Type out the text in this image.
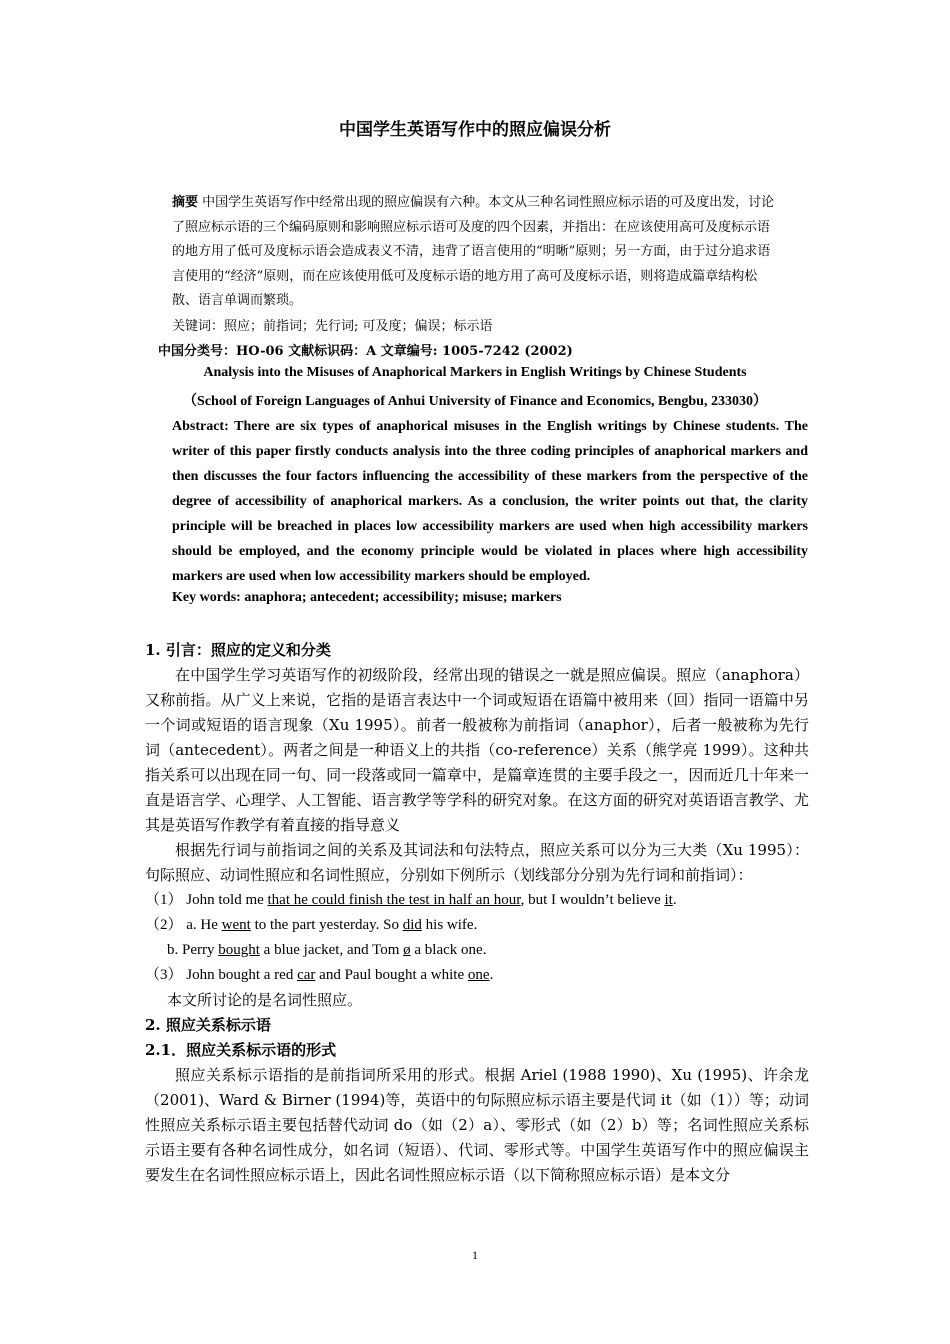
中国学生英语写作中的照应偏误分析
摘要 中国学生英语写作中经常出现的照应偏误有六种。本文从三种名词性照应标示语的可及度出发，讨论了照应标示语的三个编码原则和影响照应标示语可及度的四个因素，并指出：在应该使用高可及度标示语的地方用了低可及度标示语会造成表义不清，违背了语言使用的“明晰”原则；另一方面，由于过分追求语言使用的“经济”原则，而在应该使用低可及度标示语的地方用了高可及度标示语，则将造成篇章结构松散、语言单调而繁琐。
关键词：照应；前指词；先行词; 可及度；偏误；标示语
中国分类号：HO-06 文献标识码：A 文章编号: 1005-7242 (2002)
Analysis into the Misuses of Anaphorical Markers in English Writings by Chinese Students
（School of Foreign Languages of Anhui University of Finance and Economics, Bengbu, 233030）
Abstract: There are six types of anaphorical misuses in the English writings by Chinese students. The writer of this paper firstly conducts analysis into the three coding principles of anaphorical markers and then discusses the four factors influencing the accessibility of these markers from the perspective of the degree of accessibility of anaphorical markers. As a conclusion, the writer points out that, the clarity principle will be breached in places low accessibility markers are used when high accessibility markers should be employed, and the economy principle would be violated in places where high accessibility markers are used when low accessibility markers should be employed.
Key words: anaphora; antecedent; accessibility; misuse; markers

1. 引言：照应的定义和分类

在中国学生学习英语写作的初级阶段，经常出现的错误之一就是照应偏误。照应（anaphora）又称前指。从广义上来说，它指的是语言表达中一个词或短语在语篇中被用来（回）指同一语篇中另一个词或短语的语言现象（Xu 1995）。前者一般被称为前指词（anaphor），后者一般被称为先行词（antecedent）。两者之间是一种语义上的共指（co-reference）关系（熊学亮 1999）。这种共指关系可以出现在同一句、同一段落或同一篇章中，是篇章连贯的主要手段之一，因而近几十年来一直是语言学、心理学、人工智能、语言教学等学科的研究对象。在这方面的研究对英语语言教学、尤其是英语写作教学有着直接的指导意义

根据先行词与前指词之间的关系及其词法和句法特点，照应关系可以分为三大类（Xu 1995）：句际照应、动词性照应和名词性照应，分别如下例所示（划线部分分别为先行词和前指词）：

（1） John told me that he could finish the test in half an hour, but I wouldn’t believe it.

（2） a. He went to the part yesterday. So did his wife.

b. Perry bought a blue jacket, and Tom ø a black one.

（3） John bought a red car and Paul bought a white one.

本文所讨论的是名词性照应。

2. 照应关系标示语

2.1．照应关系标示语的形式

照应关系标示语指的是前指词所采用的形式。根据 Ariel (1988 1990)、Xu (1995)、许余龙（2001)、Ward & Birner (1994)等，英语中的句际照应标示语主要是代词 it（如（1））等；动词性照应关系标示语主要包括替代动词 do（如（2）a）、零形式（如（2）b）等；名词性照应关系标示语主要有各种名词性成分，如名词（短语）、代词、零形式等。中国学生英语写作中的照应偏误主要发生在名词性照应标示语上，因此名词性照应标示语（以下简称照应标示语）是本文分

1
